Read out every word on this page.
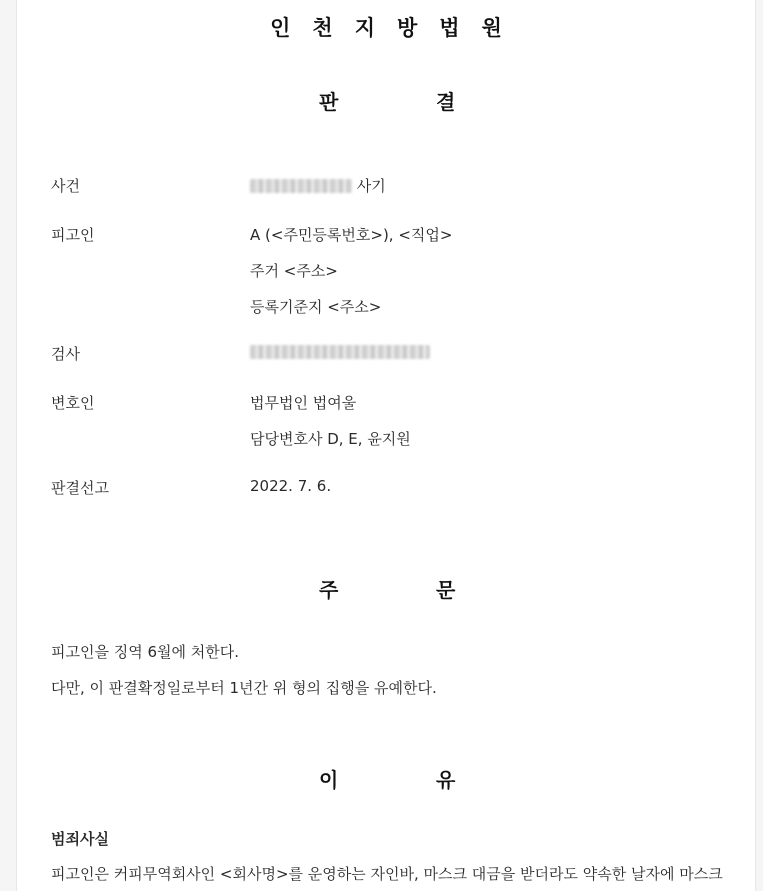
인천지방법원
판	결
사건	사기
피고인	A (<주민등록번호>), <직업>
주거 <주소>
등록기준지 <주소>
검사
변호인	법무법인 법여울
담당변호사 D, E, 윤지원
판결선고	2022. 7. 6.
주	문
피고인을 징역 6월에 처한다.
다만, 이 판결확정일로부터 1년간 위 형의 집행을 유예한다.
이	유
범죄사실
피고인은 커피무역회사인 <회사명>를 운영하는 자인바, 마스크 대금을 받더라도 약속한 날자에 마스크
